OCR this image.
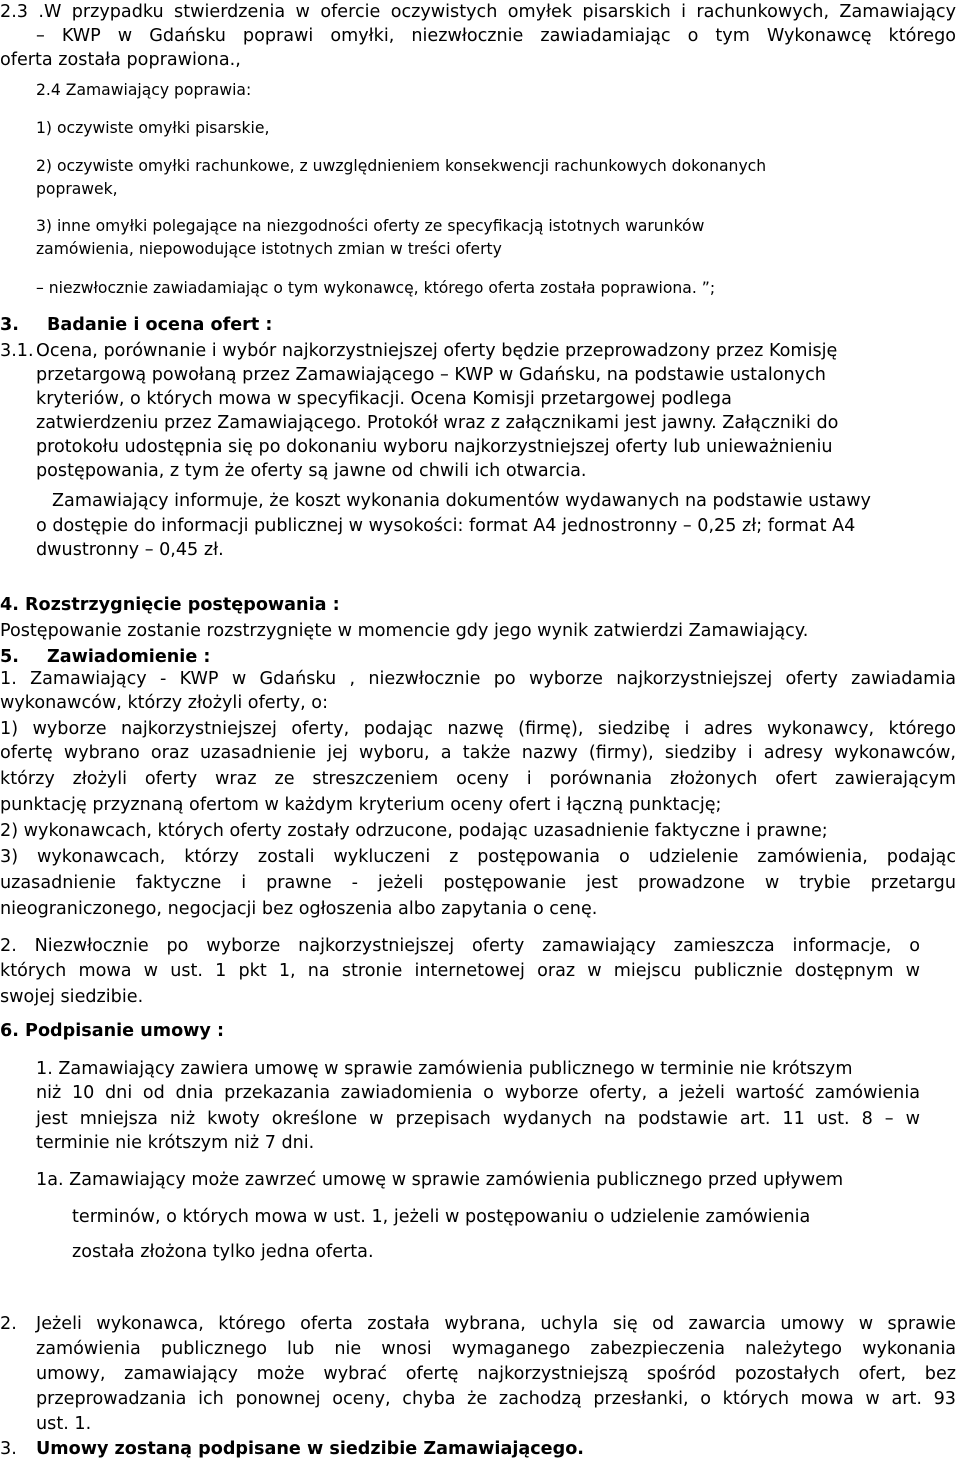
2.3 .W przypadku stwierdzenia w ofercie oczywistych omyłek pisarskich i rachunkowych, Zamawiający
– KWP w Gdańsku poprawi omyłki, niezwłocznie zawiadamiając o tym Wykonawcę którego
oferta została poprawiona.,
2.4 Zamawiający poprawia:
1) oczywiste omyłki pisarskie,
2) oczywiste omyłki rachunkowe, z uwzględnieniem konsekwencji rachunkowych dokonanych
poprawek,
3) inne omyłki polegające na niezgodności oferty ze specyfikacją istotnych warunków
zamówienia, niepowodujące istotnych zmian w treści oferty
– niezwłocznie zawiadamiając o tym wykonawcę, którego oferta została poprawiona. ”;
3. Badanie i ocena ofert :
3.1. Ocena, porównanie i wybór najkorzystniejszej oferty będzie przeprowadzony przez Komisję
przetargową powołaną przez Zamawiającego – KWP w Gdańsku, na podstawie ustalonych
kryteriów, o których mowa w specyfikacji. Ocena Komisji przetargowej podlega
zatwierdzeniu przez Zamawiającego. Protokół wraz z załącznikami jest jawny. Załączniki do
protokołu udostępnia się po dokonaniu wyboru najkorzystniejszej oferty lub unieważnieniu
postępowania, z tym że oferty są jawne od chwili ich otwarcia.
Zamawiający informuje, że koszt wykonania dokumentów wydawanych na podstawie ustawy
o dostępie do informacji publicznej w wysokości: format A4 jednostronny – 0,25 zł; format A4
dwustronny – 0,45 zł.
4. Rozstrzygnięcie postępowania :
Postępowanie zostanie rozstrzygnięte w momencie gdy jego wynik zatwierdzi Zamawiający.
5. Zawiadomienie :
1. Zamawiający - KWP w Gdańsku , niezwłocznie po wyborze najkorzystniejszej oferty zawiadamia
wykonawców, którzy złożyli oferty, o:
1) wyborze najkorzystniejszej oferty, podając nazwę (firmę), siedzibę i adres wykonawcy, którego
ofertę wybrano oraz uzasadnienie jej wyboru, a także nazwy (firmy), siedziby i adresy wykonawców,
którzy złożyli oferty wraz ze streszczeniem oceny i porównania złożonych ofert zawierającym
punktację przyznaną ofertom w każdym kryterium oceny ofert i łączną punktację;
2) wykonawcach, których oferty zostały odrzucone, podając uzasadnienie faktyczne i prawne;
3) wykonawcach, którzy zostali wykluczeni z postępowania o udzielenie zamówienia, podając
uzasadnienie faktyczne i prawne - jeżeli postępowanie jest prowadzone w trybie przetargu
nieograniczonego, negocjacji bez ogłoszenia albo zapytania o cenę.
2. Niezwłocznie po wyborze najkorzystniejszej oferty zamawiający zamieszcza informacje, o
których mowa w ust. 1 pkt 1, na stronie internetowej oraz w miejscu publicznie dostępnym w
swojej siedzibie.
6. Podpisanie umowy :
1. Zamawiający zawiera umowę w sprawie zamówienia publicznego w terminie nie krótszym
niż 10 dni od dnia przekazania zawiadomienia o wyborze oferty, a jeżeli wartość zamówienia
jest mniejsza niż kwoty określone w przepisach wydanych na podstawie art. 11 ust. 8 – w
terminie nie krótszym niż 7 dni.
1a. Zamawiający może zawrzeć umowę w sprawie zamówienia publicznego przed upływem
terminów, o których mowa w ust. 1, jeżeli w postępowaniu o udzielenie zamówienia
została złożona tylko jedna oferta.
2. Jeżeli wykonawca, którego oferta została wybrana, uchyla się od zawarcia umowy w sprawie
zamówienia publicznego lub nie wnosi wymaganego zabezpieczenia należytego wykonania
umowy, zamawiający może wybrać ofertę najkorzystniejszą spośród pozostałych ofert, bez
przeprowadzania ich ponownej oceny, chyba że zachodzą przesłanki, o których mowa w art. 93
ust. 1.
3. Umowy zostaną podpisane w siedzibie Zamawiającego.
